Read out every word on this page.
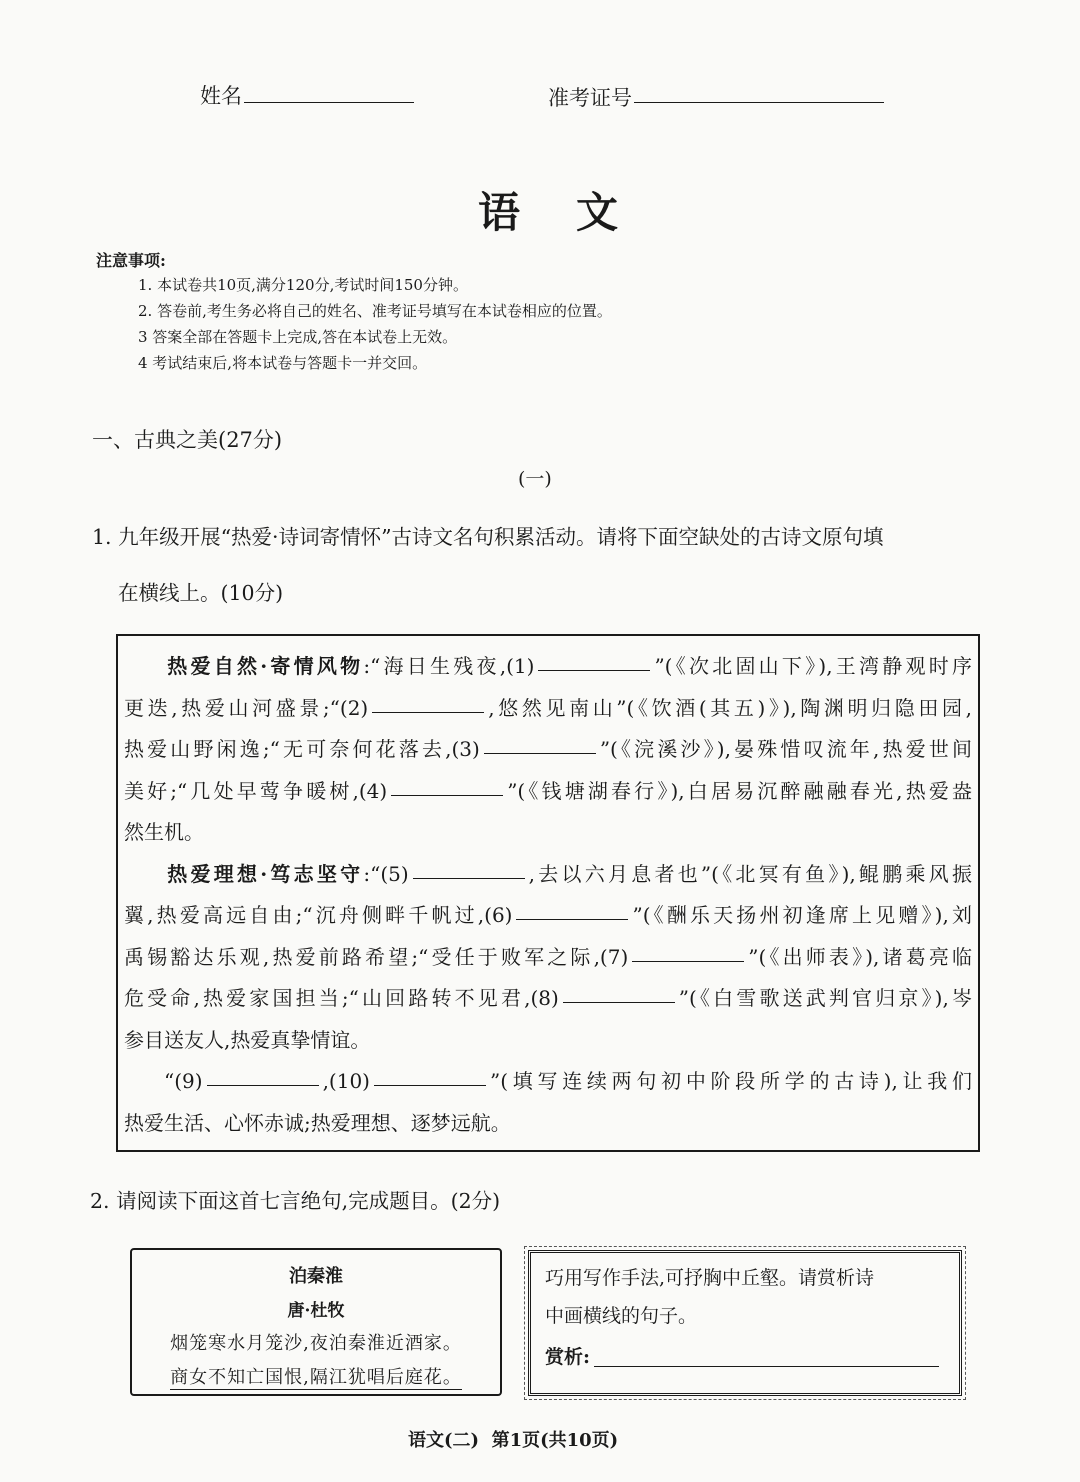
姓名	准考证号
语文
注意事项:
1. 本试卷共10页,满分120分,考试时间150分钟。
2. 答卷前,考生务必将自己的姓名、准考证号填写在本试卷相应的位置。
3 答案全部在答题卡上完成,答在本试卷上无效。
4 考试结束后,将本试卷与答题卡一并交回。
一、古典之美(27分)
(一)
1. 九年级开展“热爱·诗词寄情怀”古诗文名句积累活动。请将下面空缺处的古诗文原句填
在横线上。(10分)

热爱自然·寄情风物:“海日生残夜,(1)	”(《次北固山下》),王湾静观时序

更迭,热爱山河盛景;“(2)	,悠然见南山”(《饮酒(其五)》),陶渊明归隐田园,

热爱山野闲逸;“无可奈何花落去,(3)	”(《浣溪沙》),晏殊惜叹流年,热爱世间

美好;“几处早莺争暖树,(4)	”(《钱塘湖春行》),白居易沉醉融融春光,热爱盎

然生机。

热爱理想·笃志坚守:“(5)	,去以六月息者也”(《北冥有鱼》),鲲鹏乘风振

翼,热爱高远自由;“沉舟侧畔千帆过,(6)	”(《酬乐天扬州初逢席上见赠》),刘

禹锡豁达乐观,热爱前路希望;“受任于败军之际,(7)	”(《出师表》),诸葛亮临

危受命,热爱家国担当;“山回路转不见君,(8)	”(《白雪歌送武判官归京》),岑

参目送友人,热爱真挚情谊。

“(9)	,(10)	”(填写连续两句初中阶段所学的古诗),让我们

热爱生活、心怀赤诚;热爱理想、逐梦远航。

2. 请阅读下面这首七言绝句,完成题目。(2分)
泊秦淮
唐·杜牧
烟笼寒水月笼沙,夜泊秦淮近酒家。
商女不知亡国恨,隔江犹唱后庭花。
巧用写作手法,可抒胸中丘壑。请赏析诗
中画横线的句子。
赏析:
语文(二)  第1页(共10页)
